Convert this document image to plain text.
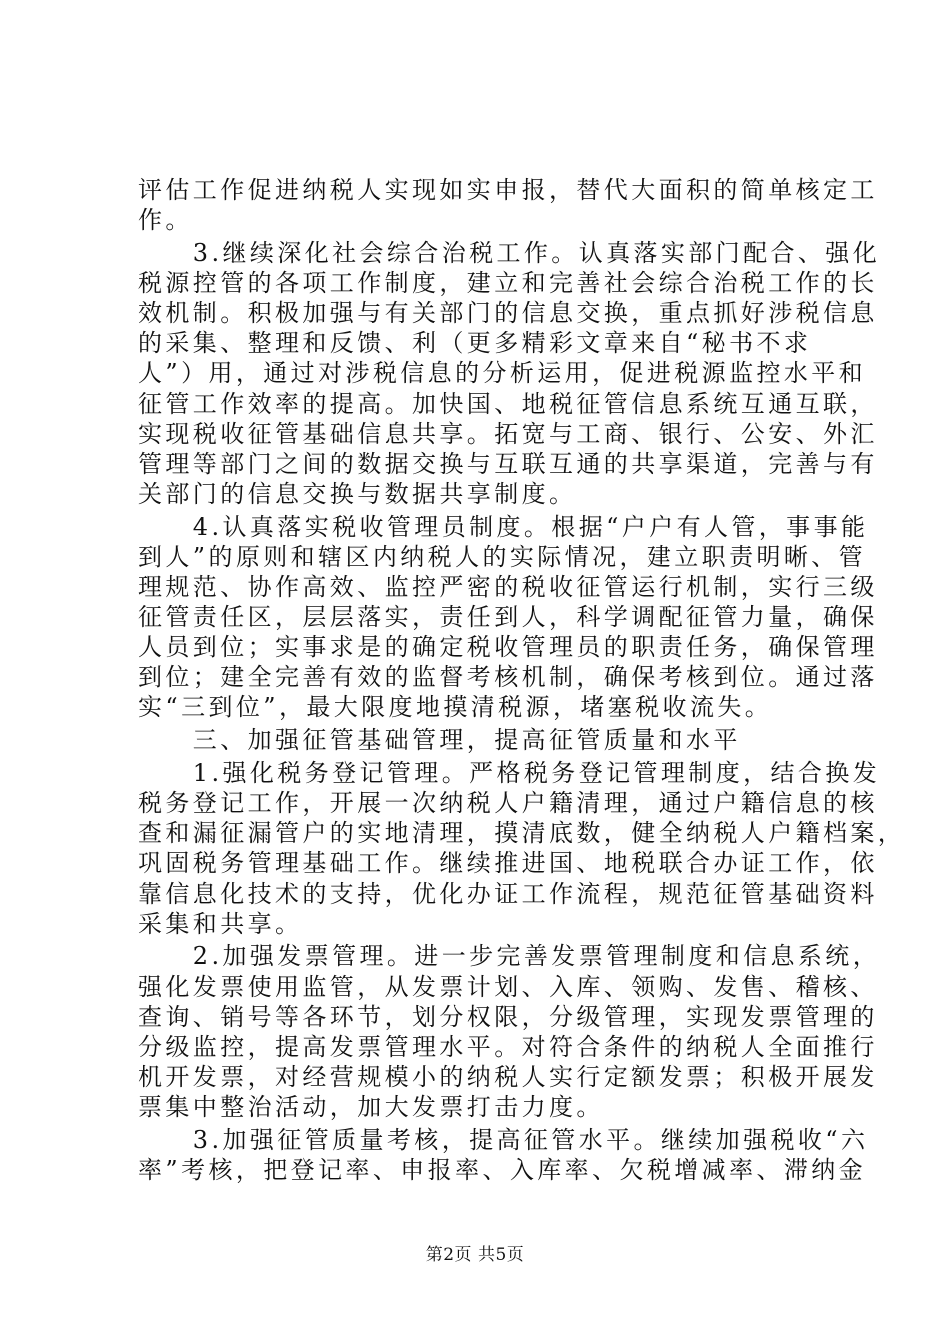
评估工作促进纳税人实现如实申报，替代大面积的简单核定工
作。
　　3.继续深化社会综合治税工作。认真落实部门配合、强化
税源控管的各项工作制度，建立和完善社会综合治税工作的长
效机制。积极加强与有关部门的信息交换，重点抓好涉税信息
的采集、整理和反馈、利（更多精彩文章来自“秘书不求
人”）用，通过对涉税信息的分析运用，促进税源监控水平和
征管工作效率的提高。加快国、地税征管信息系统互通互联，
实现税收征管基础信息共享。拓宽与工商、银行、公安、外汇
管理等部门之间的数据交换与互联互通的共享渠道，完善与有
关部门的信息交换与数据共享制度。
　　4.认真落实税收管理员制度。根据“户户有人管，事事能
到人”的原则和辖区内纳税人的实际情况，建立职责明晰、管
理规范、协作高效、监控严密的税收征管运行机制，实行三级
征管责任区，层层落实，责任到人，科学调配征管力量，确保
人员到位；实事求是的确定税收管理员的职责任务，确保管理
到位；建全完善有效的监督考核机制，确保考核到位。通过落
实“三到位”，最大限度地摸清税源，堵塞税收流失。
　　三、加强征管基础管理，提高征管质量和水平
　　1.强化税务登记管理。严格税务登记管理制度，结合换发
税务登记工作，开展一次纳税人户籍清理，通过户籍信息的核
查和漏征漏管户的实地清理，摸清底数，健全纳税人户籍档案，
巩固税务管理基础工作。继续推进国、地税联合办证工作，依
靠信息化技术的支持，优化办证工作流程，规范征管基础资料
采集和共享。
　　2.加强发票管理。进一步完善发票管理制度和信息系统，
强化发票使用监管，从发票计划、入库、领购、发售、稽核、
查询、销号等各环节，划分权限，分级管理，实现发票管理的
分级监控，提高发票管理水平。对符合条件的纳税人全面推行
机开发票，对经营规模小的纳税人实行定额发票；积极开展发
票集中整治活动，加大发票打击力度。
　　3.加强征管质量考核，提高征管水平。继续加强税收“六
率”考核，把登记率、申报率、入库率、欠税增减率、滞纳金
第2页 共5页
